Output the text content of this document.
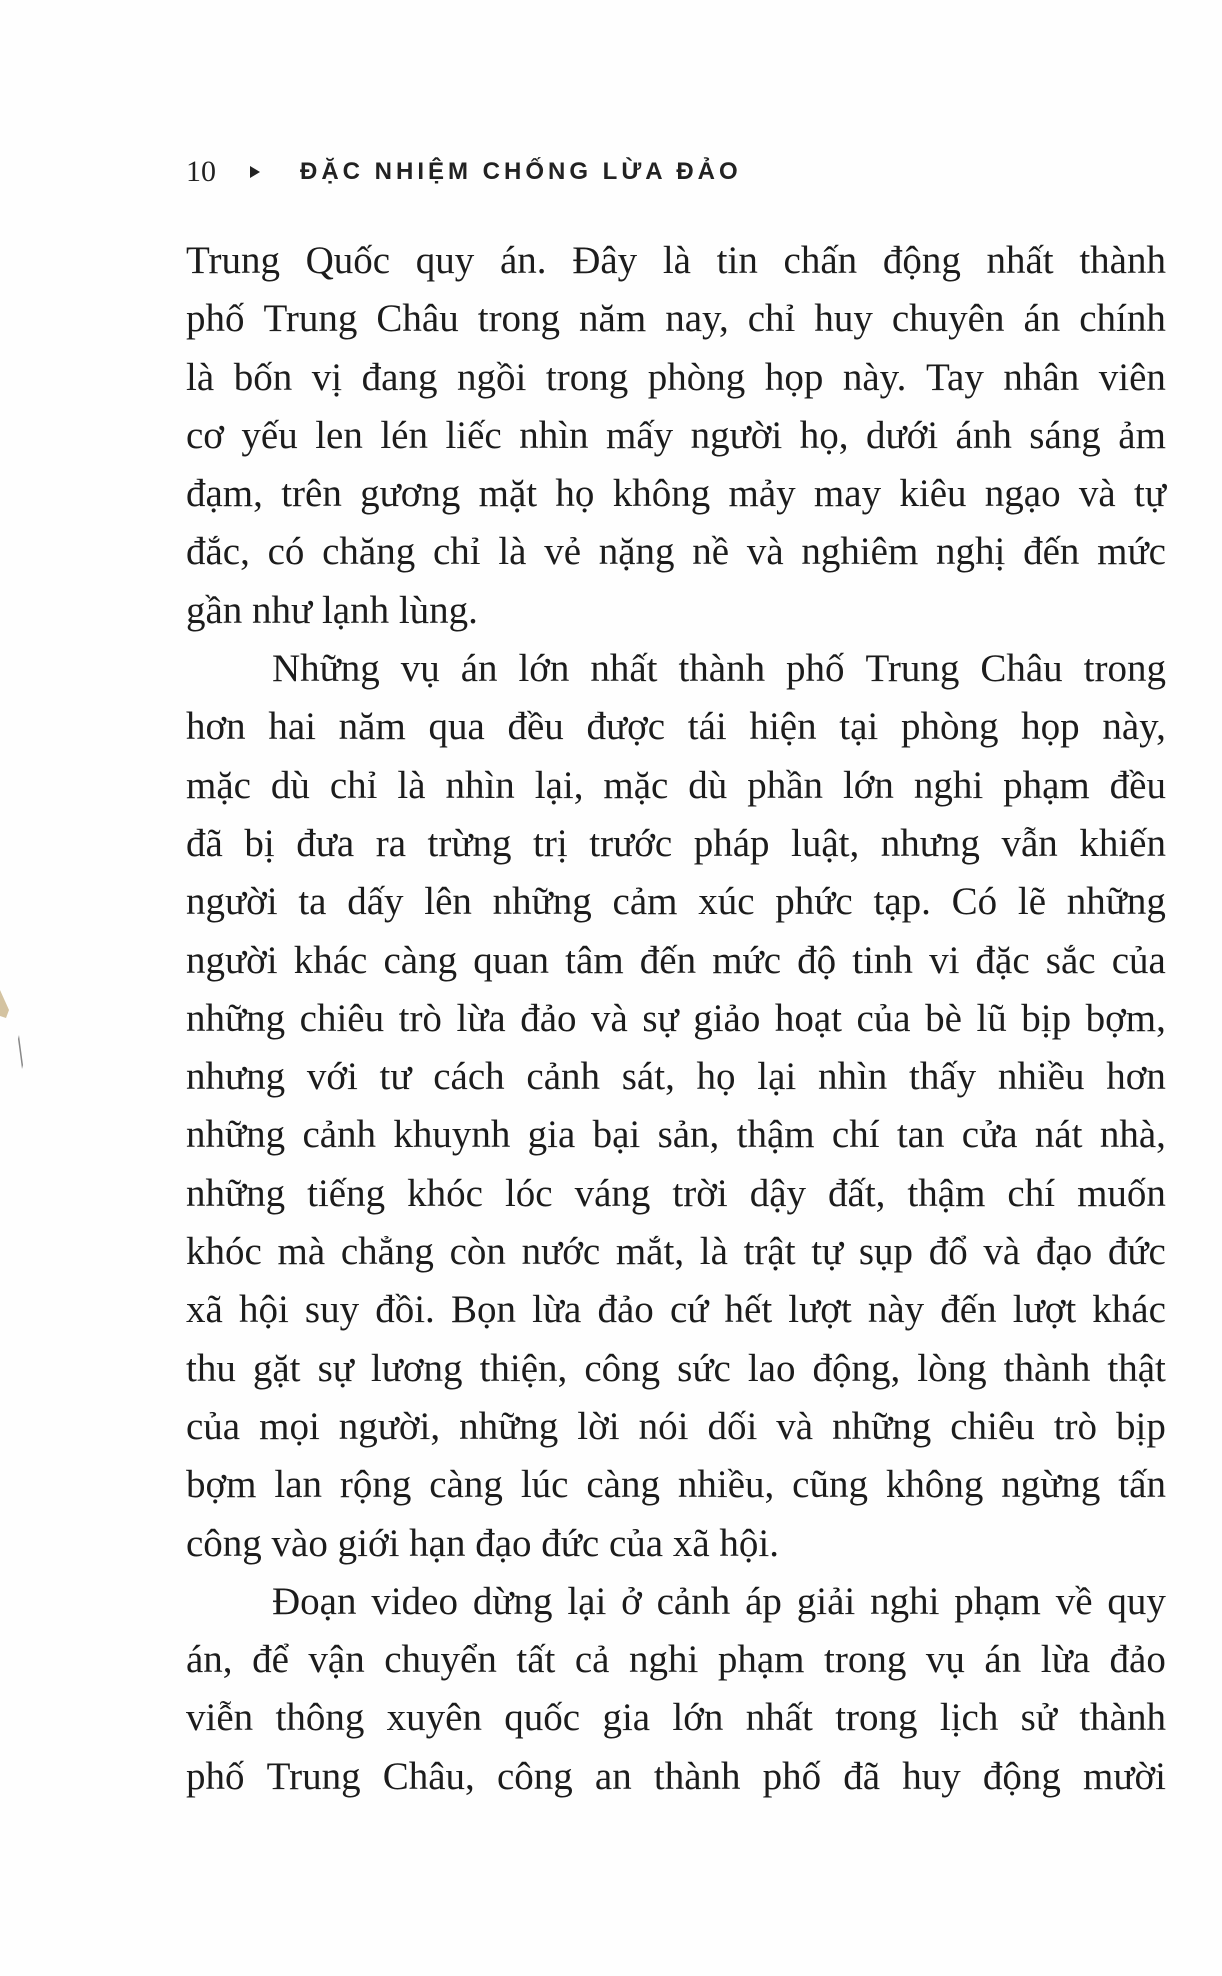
10	ĐẶC NHIỆM CHỐNG LỪA ĐẢO
Trung Quốc quy án. Đây là tin chấn động nhất thành
phố Trung Châu trong năm nay, chỉ huy chuyên án chính
là bốn vị đang ngồi trong phòng họp này. Tay nhân viên
cơ yếu len lén liếc nhìn mấy người họ, dưới ánh sáng ảm
đạm, trên gương mặt họ không mảy may kiêu ngạo và tự
đắc, có chăng chỉ là vẻ nặng nề và nghiêm nghị đến mức
gần như lạnh lùng.
Những vụ án lớn nhất thành phố Trung Châu trong
hơn hai năm qua đều được tái hiện tại phòng họp này,
mặc dù chỉ là nhìn lại, mặc dù phần lớn nghi phạm đều
đã bị đưa ra trừng trị trước pháp luật, nhưng vẫn khiến
người ta dấy lên những cảm xúc phức tạp. Có lẽ những
người khác càng quan tâm đến mức độ tinh vi đặc sắc của
những chiêu trò lừa đảo và sự giảo hoạt của bè lũ bịp bợm,
nhưng với tư cách cảnh sát, họ lại nhìn thấy nhiều hơn
những cảnh khuynh gia bại sản, thậm chí tan cửa nát nhà,
những tiếng khóc lóc váng trời dậy đất, thậm chí muốn
khóc mà chẳng còn nước mắt, là trật tự sụp đổ và đạo đức
xã hội suy đồi. Bọn lừa đảo cứ hết lượt này đến lượt khác
thu gặt sự lương thiện, công sức lao động, lòng thành thật
của mọi người, những lời nói dối và những chiêu trò bịp
bợm lan rộng càng lúc càng nhiều, cũng không ngừng tấn
công vào giới hạn đạo đức của xã hội.
Đoạn video dừng lại ở cảnh áp giải nghi phạm về quy
án, để vận chuyển tất cả nghi phạm trong vụ án lừa đảo
viễn thông xuyên quốc gia lớn nhất trong lịch sử thành
phố Trung Châu, công an thành phố đã huy động mười
